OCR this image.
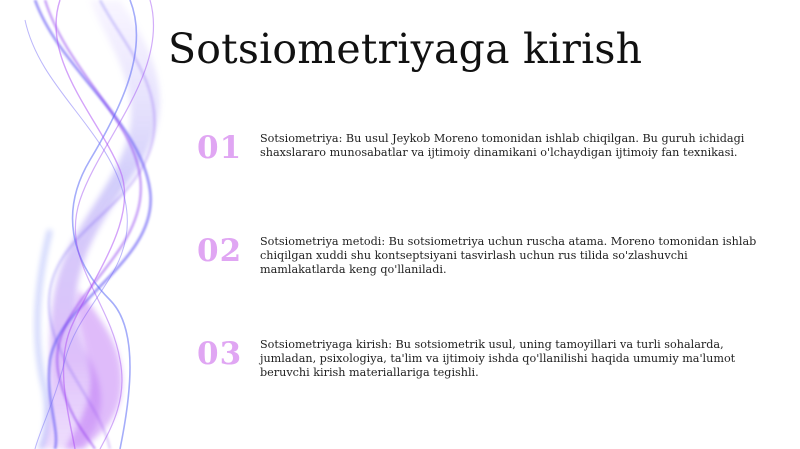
Sotsiometriyaga kirish
01 Sotsiometriya: Bu usul Jeykob Moreno tomonidan ishlab chiqilgan. Bu guruh ichidagi shaxslararo munosabatlar va ijtimoiy dinamikani o'lchaydigan ijtimoiy fan texnikasi.
02 Sotsiometriya metodi: Bu sotsiometriya uchun ruscha atama. Moreno tomonidan ishlab chiqilgan xuddi shu kontseptsiyani tasvirlash uchun rus tilida so'zlashuvchi mamlakatlarda keng qo'llaniladi.
03 Sotsiometriyaga kirish: Bu sotsiometrik usul, uning tamoyillari va turli sohalarda, jumladan, psixologiya, ta'lim va ijtimoiy ishda qo'llanilishi haqida umumiy ma'lumot beruvchi kirish materiallariga tegishli.
